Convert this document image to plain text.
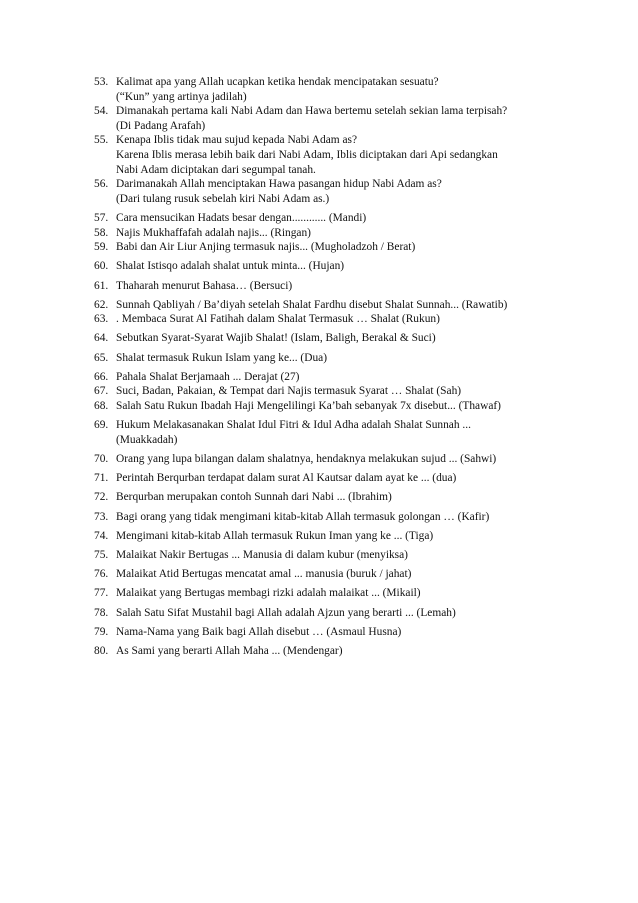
53. Kalimat apa yang Allah ucapkan ketika hendak mencipatakan sesuatu?
(“Kun” yang artinya jadilah)
54. Dimanakah pertama kali Nabi Adam dan Hawa bertemu setelah sekian lama terpisah?
(Di Padang Arafah)
55. Kenapa Iblis tidak mau sujud kepada Nabi Adam as?
Karena Iblis merasa lebih baik dari Nabi Adam, Iblis diciptakan dari Api sedangkan
Nabi Adam diciptakan dari segumpal tanah.
56. Darimanakah Allah menciptakan Hawa pasangan hidup Nabi Adam as?
(Dari tulang rusuk sebelah kiri Nabi Adam as.)
57. Cara mensucikan Hadats besar dengan............ (Mandi)
58. Najis Mukhaffafah adalah najis... (Ringan)
59. Babi dan Air Liur Anjing termasuk najis... (Mugholadzoh / Berat)
60. Shalat Istisqo adalah shalat untuk minta... (Hujan)
61. Thaharah menurut Bahasa… (Bersuci)
62. Sunnah Qabliyah / Ba’diyah setelah Shalat Fardhu disebut Shalat Sunnah... (Rawatib)
63. . Membaca Surat Al Fatihah dalam Shalat Termasuk … Shalat (Rukun)
64. Sebutkan Syarat-Syarat Wajib Shalat! (Islam, Baligh, Berakal & Suci)
65. Shalat termasuk Rukun Islam yang ke... (Dua)
66. Pahala Shalat Berjamaah ... Derajat (27)
67. Suci, Badan, Pakaian, & Tempat dari Najis termasuk Syarat … Shalat (Sah)
68. Salah Satu Rukun Ibadah Haji Mengelilingi Ka’bah sebanyak 7x disebut... (Thawaf)
69. Hukum Melakasanakan Shalat Idul Fitri & Idul Adha adalah Shalat Sunnah ...
(Muakkadah)
70. Orang yang lupa bilangan dalam shalatnya, hendaknya melakukan sujud ... (Sahwi)
71. Perintah Berqurban terdapat dalam surat Al Kautsar dalam ayat ke ... (dua)
72. Berqurban merupakan contoh Sunnah dari Nabi ... (Ibrahim)
73. Bagi orang yang tidak mengimani kitab-kitab Allah termasuk golongan … (Kafir)
74. Mengimani kitab-kitab Allah termasuk Rukun Iman yang ke ... (Tiga)
75. Malaikat Nakir Bertugas ... Manusia di dalam kubur (menyiksa)
76. Malaikat Atid Bertugas mencatat amal ... manusia (buruk / jahat)
77. Malaikat yang Bertugas membagi rizki adalah malaikat ... (Mikail)
78. Salah Satu Sifat Mustahil bagi Allah adalah Ajzun yang berarti ... (Lemah)
79. Nama-Nama yang Baik bagi Allah disebut … (Asmaul Husna)
80. As Sami yang berarti Allah Maha ... (Mendengar)
